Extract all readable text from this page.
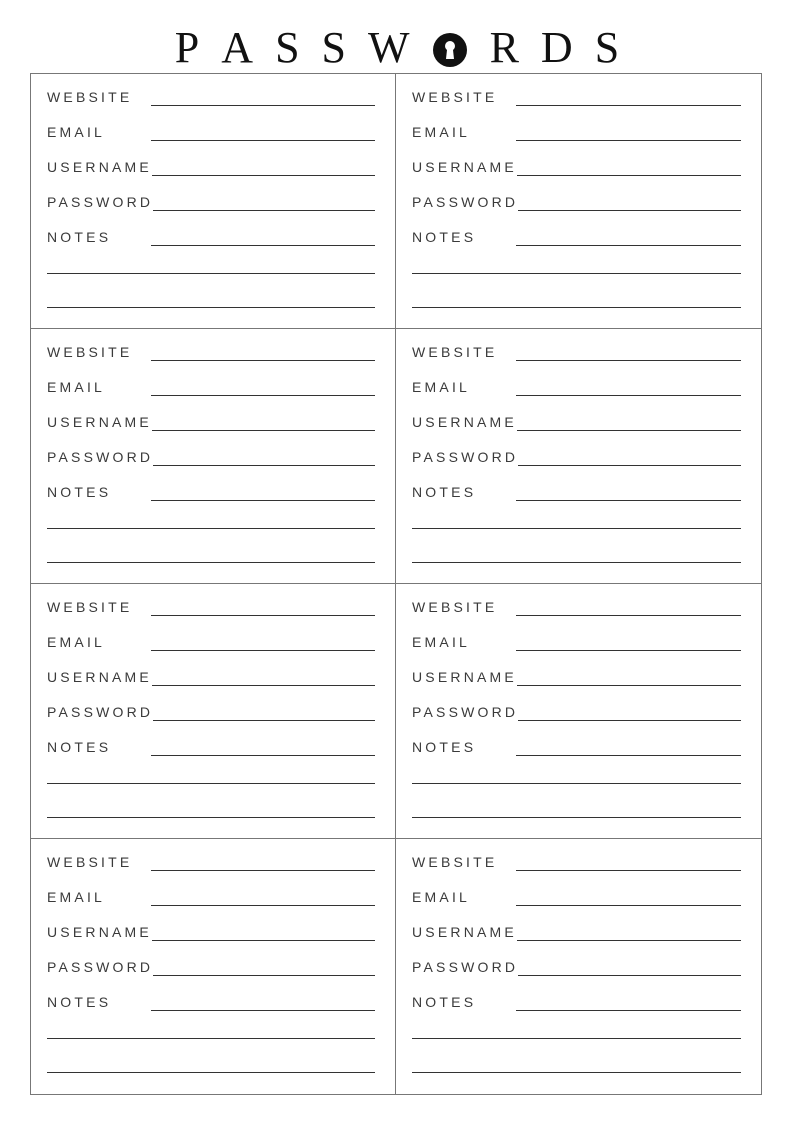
P A S S W R D S
WEBSITE
EMAIL
USERNAME
PASSWORD
NOTES
WEBSITE
EMAIL
USERNAME
PASSWORD
NOTES
WEBSITE
EMAIL
USERNAME
PASSWORD
NOTES
WEBSITE
EMAIL
USERNAME
PASSWORD
NOTES
WEBSITE
EMAIL
USERNAME
PASSWORD
NOTES
WEBSITE
EMAIL
USERNAME
PASSWORD
NOTES
WEBSITE
EMAIL
USERNAME
PASSWORD
NOTES
WEBSITE
EMAIL
USERNAME
PASSWORD
NOTES
